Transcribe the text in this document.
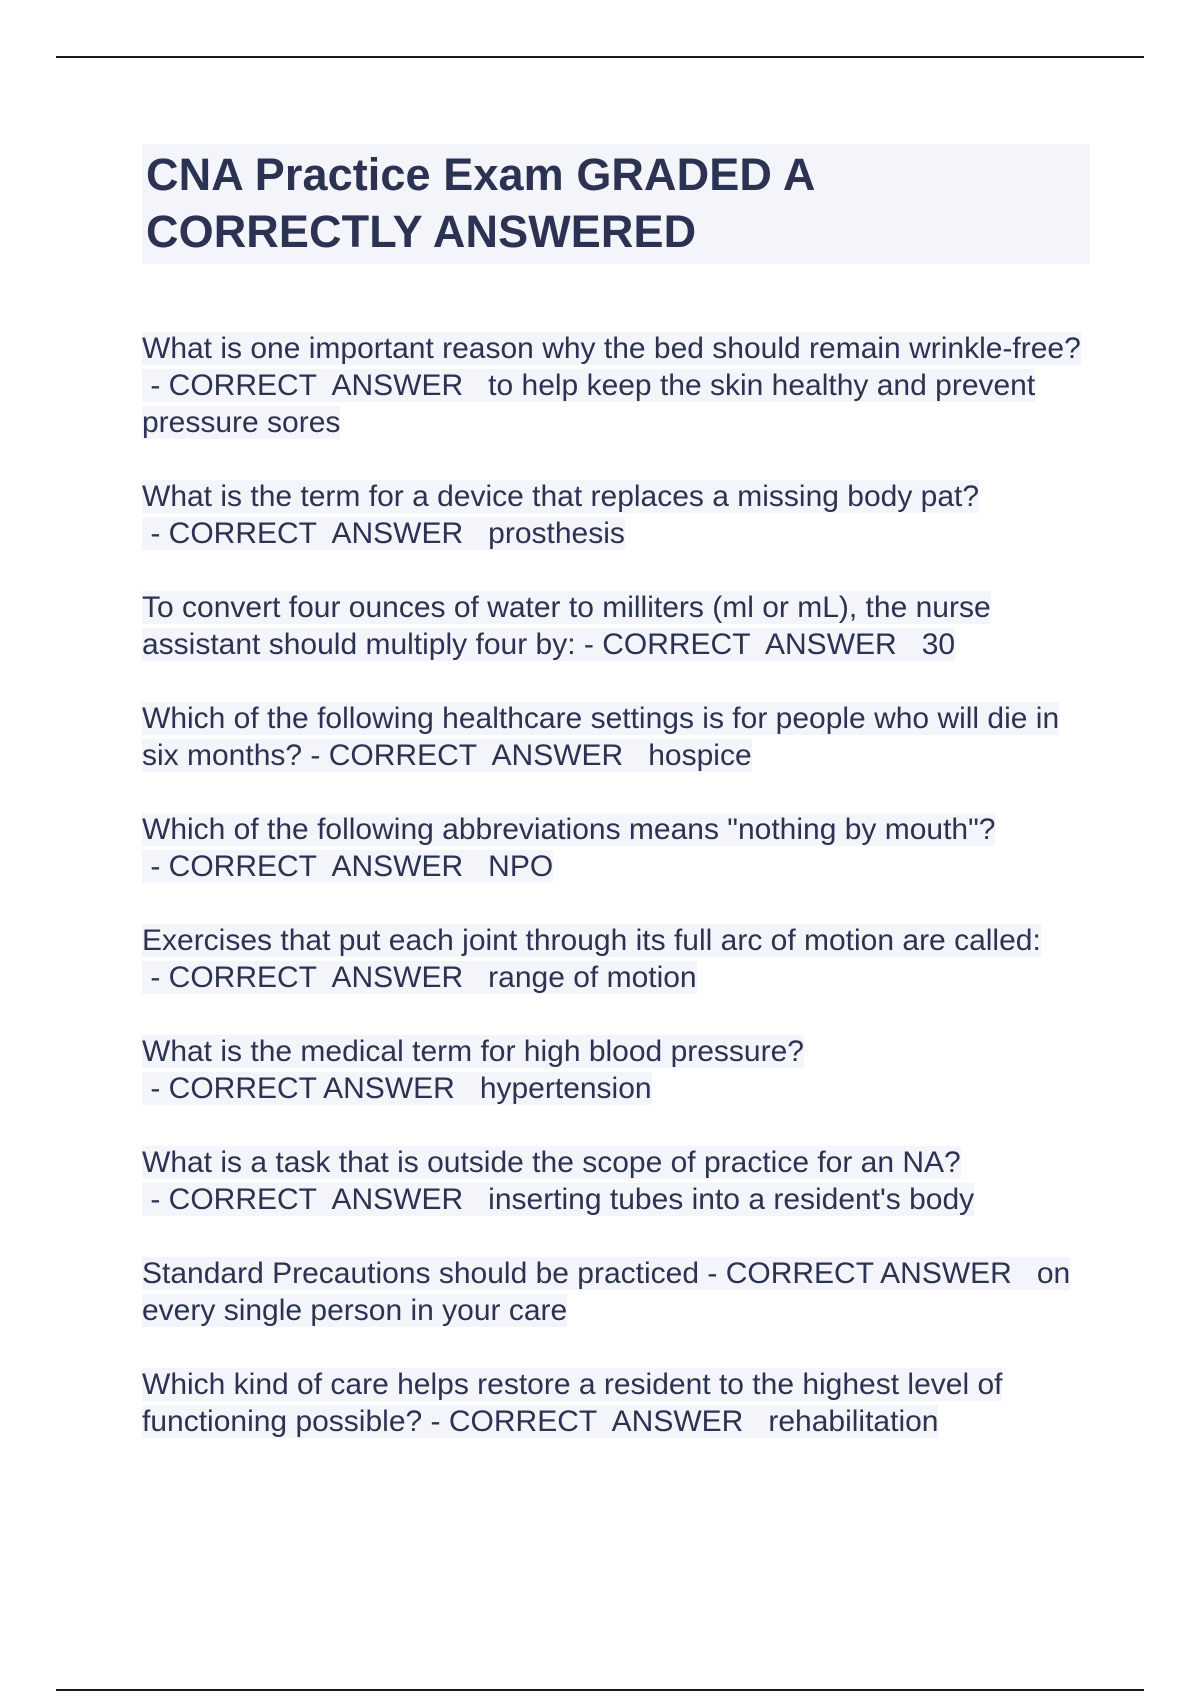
CNA Practice Exam GRADED A CORRECTLY ANSWERED

What is one important reason why the bed should remain wrinkle-free? - CORRECT  ANSWER   to help keep the skin healthy and prevent pressure sores

What is the term for a device that replaces a missing body pat? - CORRECT  ANSWER   prosthesis

To convert four ounces of water to milliters (ml or mL), the nurse assistant should multiply four by: - CORRECT  ANSWER   30

Which of the following healthcare settings is for people who will die in six months? - CORRECT  ANSWER   hospice

Which of the following abbreviations means "nothing by mouth"? - CORRECT  ANSWER   NPO

Exercises that put each joint through its full arc of motion are called: - CORRECT  ANSWER   range of motion

What is the medical term for high blood pressure? - CORRECT ANSWER   hypertension

What is a task that is outside the scope of practice for an NA? - CORRECT  ANSWER   inserting tubes into a resident's body

Standard Precautions should be practiced - CORRECT ANSWER   on every single person in your care

Which kind of care helps restore a resident to the highest level of functioning possible? - CORRECT  ANSWER   rehabilitation
